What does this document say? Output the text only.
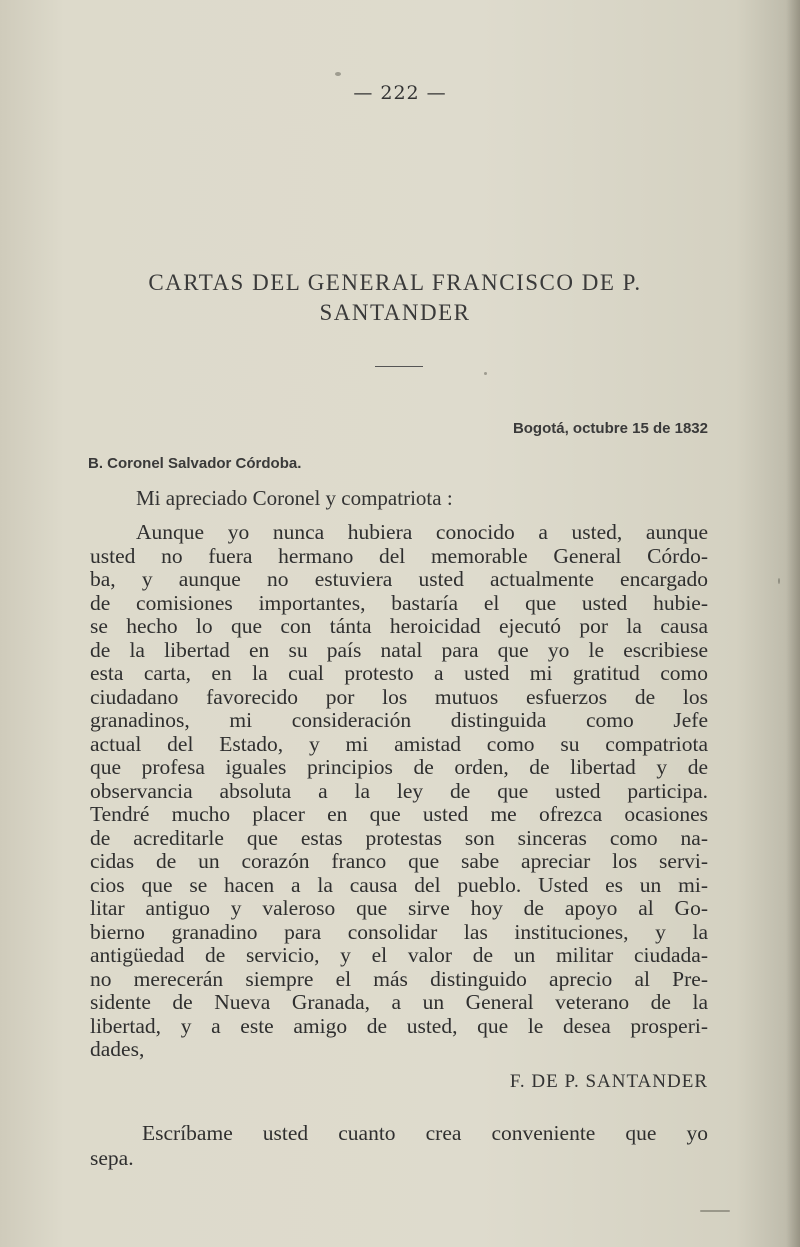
— 222 —
CARTAS DEL GENERAL FRANCISCO DE P.
SANTANDER
Bogotá, octubre 15 de 1832
B. Coronel Salvador Córdoba.
Mi apreciado Coronel y compatriota :
Aunque yo nunca hubiera conocido a usted, aunque
usted no fuera hermano del memorable General Córdo-
ba, y aunque no estuviera usted actualmente encargado
de comisiones importantes, bastaría el que usted hubie-
se hecho lo que con tánta heroicidad ejecutó por la causa
de la libertad en su país natal para que yo le escribiese
esta carta, en la cual protesto a usted mi gratitud como
ciudadano favorecido por los mutuos esfuerzos de los
granadinos, mi consideración distinguida como Jefe
actual del Estado, y mi amistad como su compatriota
que profesa iguales principios de orden, de libertad y de
observancia absoluta a la ley de que usted participa.
Tendré mucho placer en que usted me ofrezca ocasiones
de acreditarle que estas protestas son sinceras como na-
cidas de un corazón franco que sabe apreciar los servi-
cios que se hacen a la causa del pueblo. Usted es un mi-
litar antiguo y valeroso que sirve hoy de apoyo al Go-
bierno granadino para consolidar las instituciones, y la
antigüedad de servicio, y el valor de un militar ciudada-
no merecerán siempre el más distinguido aprecio al Pre-
sidente de Nueva Granada, a un General veterano de la
libertad, y a este amigo de usted, que le desea prosperi-
dades,
F. DE P. SANTANDER
Escríbame usted cuanto crea conveniente que yo
sepa.
